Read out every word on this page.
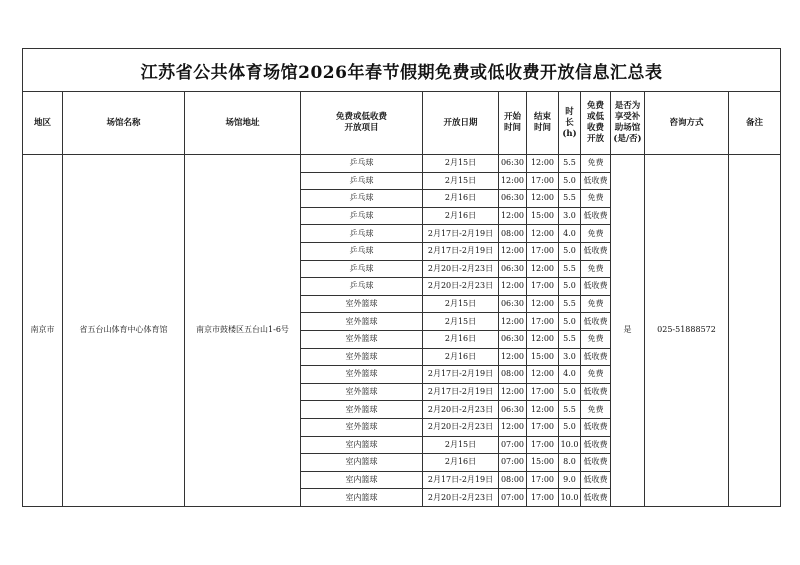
江苏省公共体育场馆2026年春节假期免费或低收费开放信息汇总表											
地区	场馆名称	场馆地址	免费或低收费开放项目	开放日期	开始时间	结束时间	时长(h)	免费或低收费开放	是否为享受补助场馆(是/否)	咨询方式	备注
南京市	省五台山体育中心体育馆	南京市鼓楼区五台山1-6号	乒乓球	2月15日	06:30	12:00	5.5	免费	是	025-51888572	
			乒乓球	2月15日	12:00	17:00	5.0	低收费			
			乒乓球	2月16日	06:30	12:00	5.5	免费			
			乒乓球	2月16日	12:00	15:00	3.0	低收费			
			乒乓球	2月17日-2月19日	08:00	12:00	4.0	免费			
			乒乓球	2月17日-2月19日	12:00	17:00	5.0	低收费			
			乒乓球	2月20日-2月23日	06:30	12:00	5.5	免费			
			乒乓球	2月20日-2月23日	12:00	17:00	5.0	低收费			
			室外篮球	2月15日	06:30	12:00	5.5	免费			
			室外篮球	2月15日	12:00	17:00	5.0	低收费			
			室外篮球	2月16日	06:30	12:00	5.5	免费			
			室外篮球	2月16日	12:00	15:00	3.0	低收费			
			室外篮球	2月17日-2月19日	08:00	12:00	4.0	免费			
			室外篮球	2月17日-2月19日	12:00	17:00	5.0	低收费			
			室外篮球	2月20日-2月23日	06:30	12:00	5.5	免费			
			室外篮球	2月20日-2月23日	12:00	17:00	5.0	低收费			
			室内篮球	2月15日	07:00	17:00	10.0	低收费			
			室内篮球	2月16日	07:00	15:00	8.0	低收费			
			室内篮球	2月17日-2月19日	08:00	17:00	9.0	低收费			
			室内篮球	2月20日-2月23日	07:00	17:00	10.0	低收费			
